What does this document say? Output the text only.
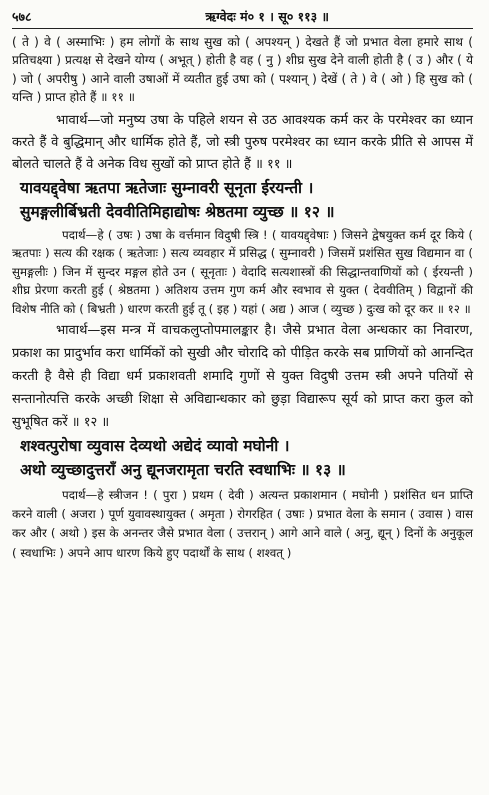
५७८	ऋग्वेदः मं० १ । सू० ११३ ॥

( ते ) वे ( अस्माभिः ) हम लोगों के साथ सुख को ( अपश्यन् ) देखते हैं जो प्रभात वेला हमारे साथ ( प्रतिचक्ष्या ) प्रत्यक्ष से देखने योग्य ( अभूत् ) होती है वह ( नु ) शीघ्र सुख देने वाली होती है ( उ ) और ( ये ) जो ( अपरीषु ) आने वाली उषाओं में व्यतीत हुई उषा को ( पश्यान् ) देखें ( ते ) वे ( ओ ) हि सुख को ( यन्ति ) प्राप्त होते हैं ॥ ११ ॥

भावार्थ—जो मनुष्य उषा के पहिले शयन से उठ आवश्यक कर्म कर के परमेश्वर का ध्यान करते हैं वे बुद्धिमान् और धार्मिक होते हैं, जो स्त्री पुरुष परमेश्वर का ध्यान करके प्रीति से आपस में बोलते चालते हैं वे अनेक विध सुखों को प्राप्त होते हैं ॥ ११ ॥

यावयद्द्वेषा ऋतपा ऋतेजाः सुम्नावरी सूनृता ईरयन्ती ।

सुमङ्गलीर्बिभ्रती देववीतिमिहाद्योषः श्रेष्ठतमा व्युच्छ ॥ १२ ॥

पदार्थ—हे ( उषः ) उषा के वर्त्तमान विदुषी स्त्रि ! ( यावयद्द्वेषाः ) जिसने द्वेषयुक्त कर्म दूर किये ( ऋतपाः ) सत्य की रक्षक ( ऋतेजाः ) सत्य व्यवहार में प्रसिद्ध ( सुम्नावरी ) जिसमें प्रशंसित सुख विद्यमान वा ( सुमङ्गलीः ) जिन में सुन्दर मङ्गल होते उन ( सूनृताः ) वेदादि सत्यशास्त्रों की सिद्धान्तवाणियों को ( ईरयन्ती ) शीघ्र प्रेरणा करती हुई ( श्रेष्ठतमा ) अतिशय उत्तम गुण कर्म और स्वभाव से युक्त ( देववीतिम् ) विद्वानों की विशेष नीति को ( बिभ्रती ) धारण करती हुई तू ( इह ) यहां ( अद्य ) आज ( व्युच्छ ) दुःख को दूर कर ॥ १२ ॥

भावार्थ—इस मन्त्र में वाचकलुप्तोपमालङ्कार है। जैसे प्रभात वेला अन्धकार का निवारण, प्रकाश का प्रादुर्भाव करा धार्मिकों को सुखी और चोरादि को पीड़ित करके सब प्राणियों को आनन्दित करती है वैसे ही विद्या धर्म प्रकाशवती शमादि गुणों से युक्त विदुषी उत्तम स्त्री अपने पतियों से सन्तानोत्पत्ति करके अच्छी शिक्षा से अविद्यान्धकार को छुड़ा विद्यारूप सूर्य को प्राप्त करा कुल को सुभूषित करें ॥ १२ ॥

शश्वत्पुरोषा व्युवास देव्यथो अद्येदं व्यावो मघोनी ।

अथो व्युच्छादुत्तराँ अनु द्यूनजरामृता चरति स्वधाभिः ॥ १३ ॥

पदार्थ—हे स्त्रीजन ! ( पुरा ) प्रथम ( देवी ) अत्यन्त प्रकाशमान ( मघोनी ) प्रशंसित धन प्राप्ति करने वाली ( अजरा ) पूर्ण युवावस्थायुक्त ( अमृता ) रोगरहित ( उषाः ) प्रभात वेला के समान ( उवास ) वास कर और ( अथो ) इस के अनन्तर जैसे प्रभात वेला ( उत्तरान् ) आगे आने वाले ( अनु, द्यून् ) दिनों के अनुकूल ( स्वधाभिः ) अपने आप धारण किये हुए पदार्थों के साथ ( शश्वत् )
